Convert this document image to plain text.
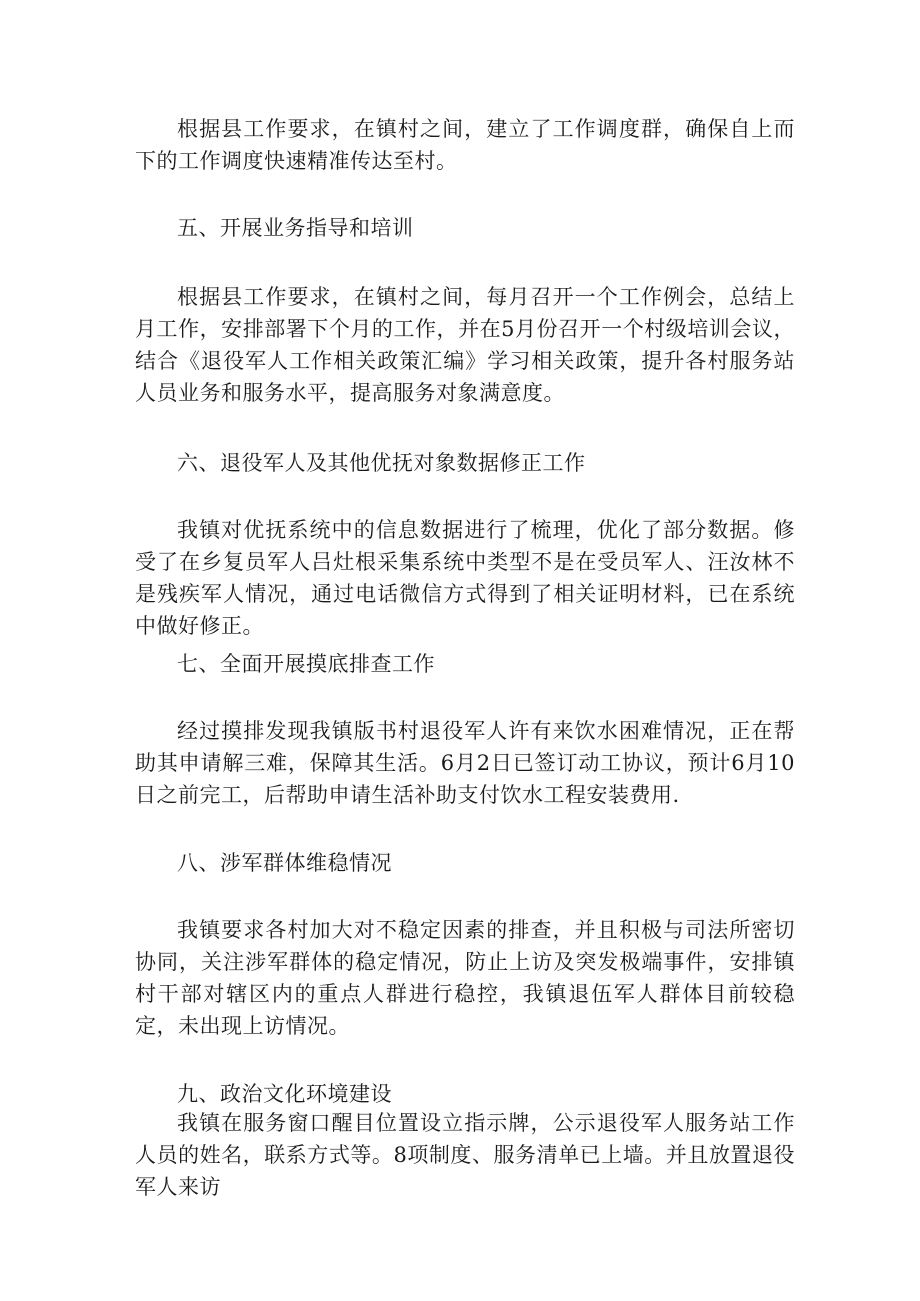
根据县工作要求，在镇村之间，建立了工作调度群，确保自上而下的工作调度快速精准传达至村。

五、开展业务指导和培训

根据县工作要求，在镇村之间，每月召开一个工作例会，总结上月工作，安排部署下个月的工作，并在5月份召开一个村级培训会议，结合《退役军人工作相关政策汇编》学习相关政策，提升各村服务站人员业务和服务水平，提高服务对象满意度。

六、退役军人及其他优抚对象数据修正工作

我镇对优抚系统中的信息数据进行了梳理，优化了部分数据。修受了在乡复员军人吕灶根采集系统中类型不是在受员军人、汪汝林不是残疾军人情况，通过电话微信方式得到了相关证明材料，已在系统中做好修正。

七、全面开展摸底排查工作

经过摸排发现我镇版书村退役军人许有来饮水困难情况，正在帮助其申请解三难，保障其生活。6月2日已签订动工协议，预计6月10日之前完工，后帮助申请生活补助支付饮水工程安装费用.

八、涉军群体维稳情况

我镇要求各村加大对不稳定因素的排查，并且积极与司法所密切协同，关注涉军群体的稳定情况，防止上访及突发极端事件，安排镇村干部对辖区内的重点人群进行稳控，我镇退伍军人群体目前较稳定，未出现上访情况。

九、政治文化环境建设

我镇在服务窗口醒目位置设立指示牌，公示退役军人服务站工作人员的姓名，联系方式等。8项制度、服务清单已上墙。并且放置退役军人来访
